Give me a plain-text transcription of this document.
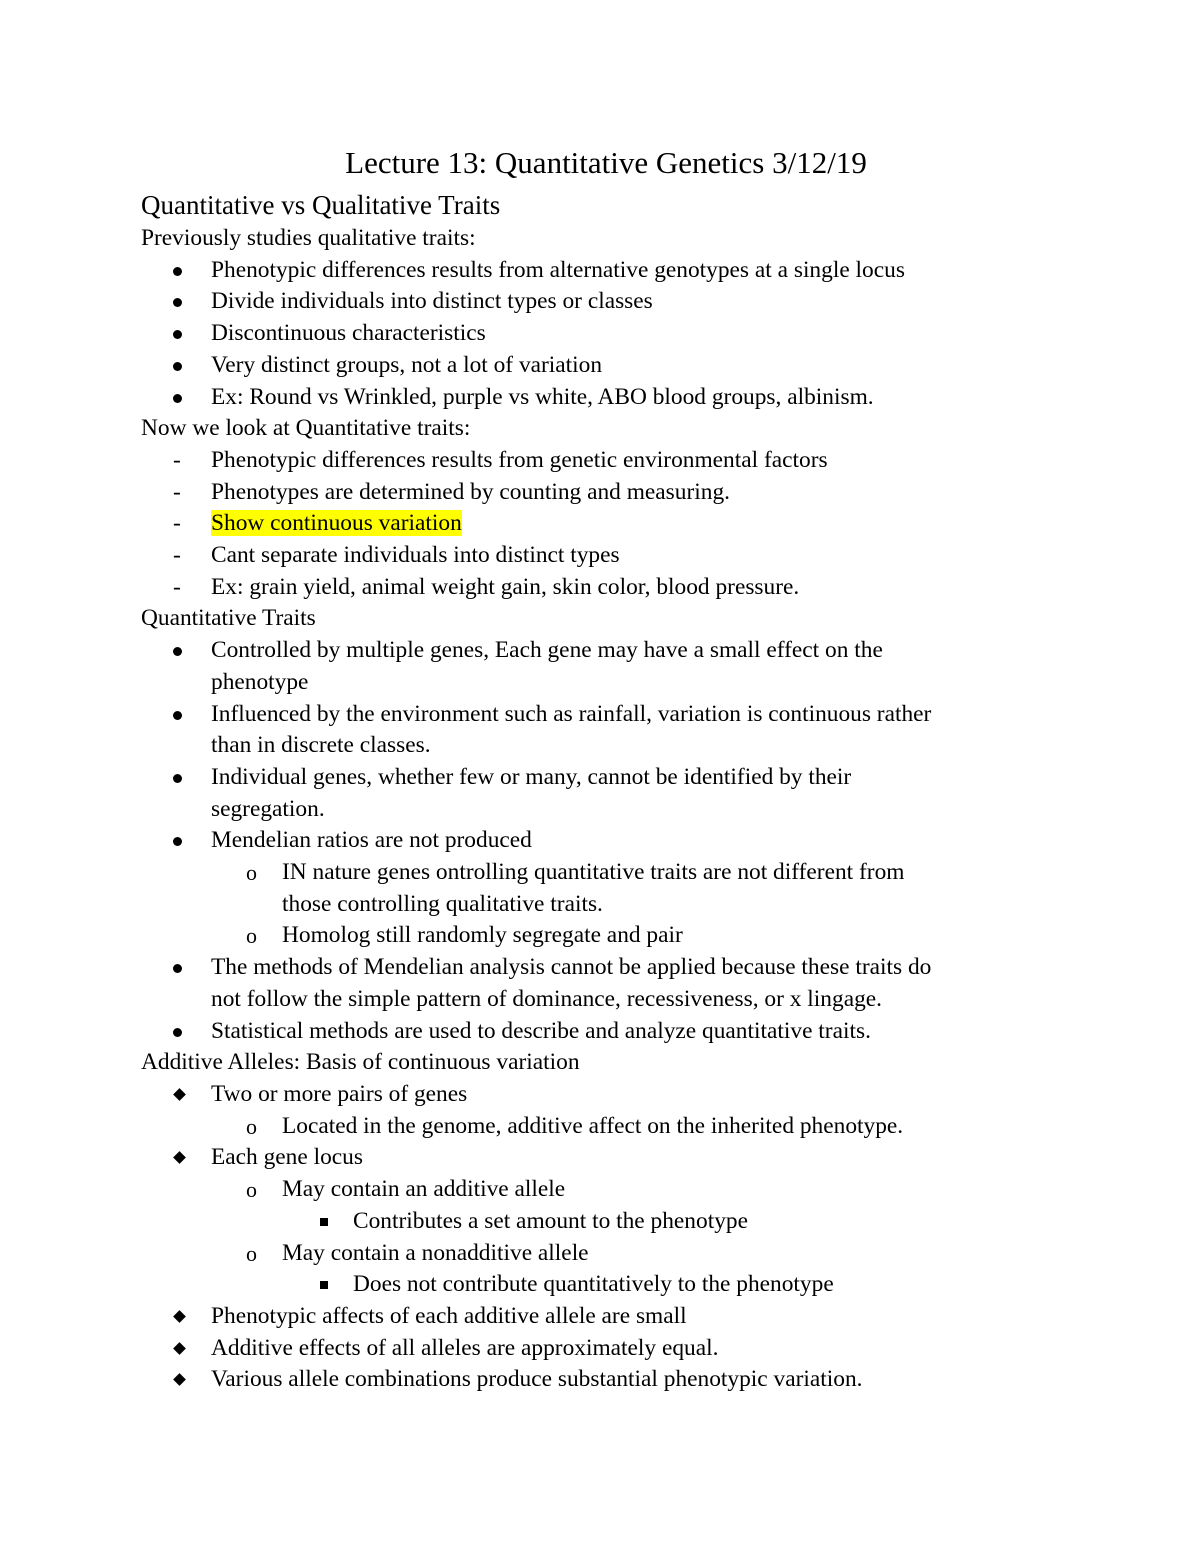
Lecture 13: Quantitative Genetics 3/12/19
Quantitative vs Qualitative Traits
Previously studies qualitative traits:
Phenotypic differences results from alternative genotypes at a single locus
Divide individuals into distinct types or classes
Discontinuous characteristics
Very distinct groups, not a lot of variation
Ex: Round vs Wrinkled, purple vs white, ABO blood groups, albinism.
Now we look at Quantitative traits:
- Phenotypic differences results from genetic environmental factors
- Phenotypes are determined by counting and measuring.
- Show continuous variation
- Cant separate individuals into distinct types
- Ex: grain yield, animal weight gain, skin color, blood pressure.
Quantitative Traits
Controlled by multiple genes, Each gene may have a small effect on the
phenotype
Influenced by the environment such as rainfall, variation is continuous rather
than in discrete classes.
Individual genes, whether few or many, cannot be identified by their
segregation.
Mendelian ratios are not produced
o IN nature genes ontrolling quantitative traits are not different from
those controlling qualitative traits.
o Homolog still randomly segregate and pair
The methods of Mendelian analysis cannot be applied because these traits do
not follow the simple pattern of dominance, recessiveness, or x lingage.
Statistical methods are used to describe and analyze quantitative traits.
Additive Alleles: Basis of continuous variation
Two or more pairs of genes
o Located in the genome, additive affect on the inherited phenotype.
Each gene locus
o May contain an additive allele
Contributes a set amount to the phenotype
o May contain a nonadditive allele
Does not contribute quantitatively to the phenotype
Phenotypic affects of each additive allele are small
Additive effects of all alleles are approximately equal.
Various allele combinations produce substantial phenotypic variation.
